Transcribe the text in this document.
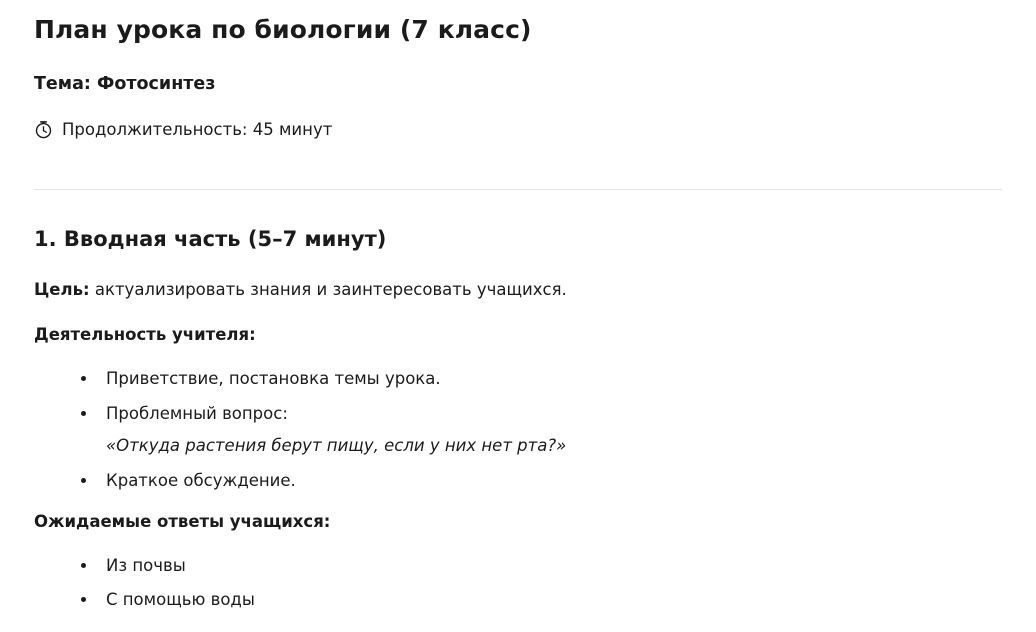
План урока по биологии (7 класс)

Тема: Фотосинтез

Продолжительность: 45 минут
1. Вводная часть (5–7 минут)

Цель: актуализировать знания и заинтересовать учащихся.

Деятельность учителя:

Приветствие, постановка темы урока.
Проблемный вопрос:
«Откуда растения берут пищу, если у них нет рта?»
Краткое обсуждение.

Ожидаемые ответы учащихся:

Из почвы
С помощью воды
